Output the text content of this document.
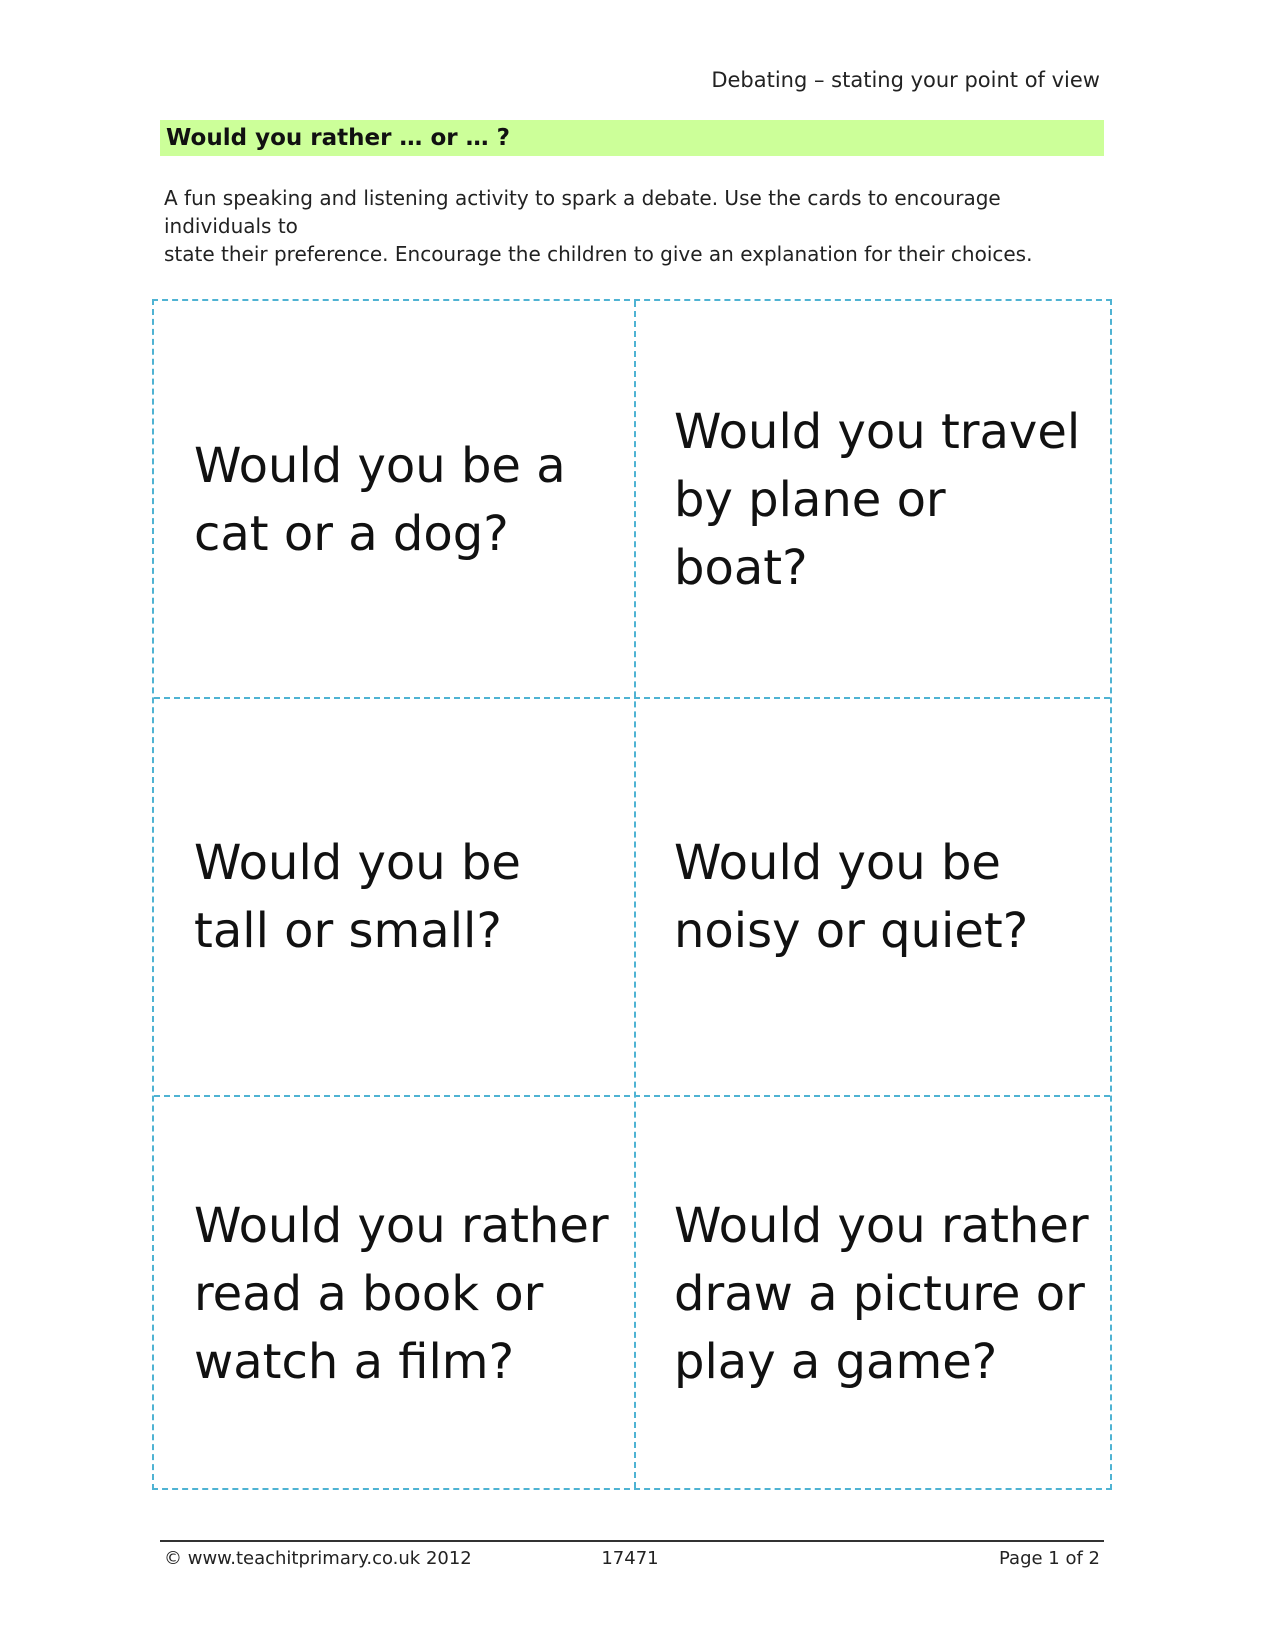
Debating – stating your point of view
Would you rather … or … ?

A fun speaking and listening activity to spark a debate. Use the cards to encourage individuals to

state their preference. Encourage the children to give an explanation for their choices.

Would you be a
cat or a dog?
Would you travel
by plane or boat?
Would you be
tall or small?
Would you be
noisy or quiet?
Would you rather
read a book or
watch a film?
Would you rather
draw a picture or
play a game?
© www.teachitprimary.co.uk 2012	17471	Page 1 of 2
